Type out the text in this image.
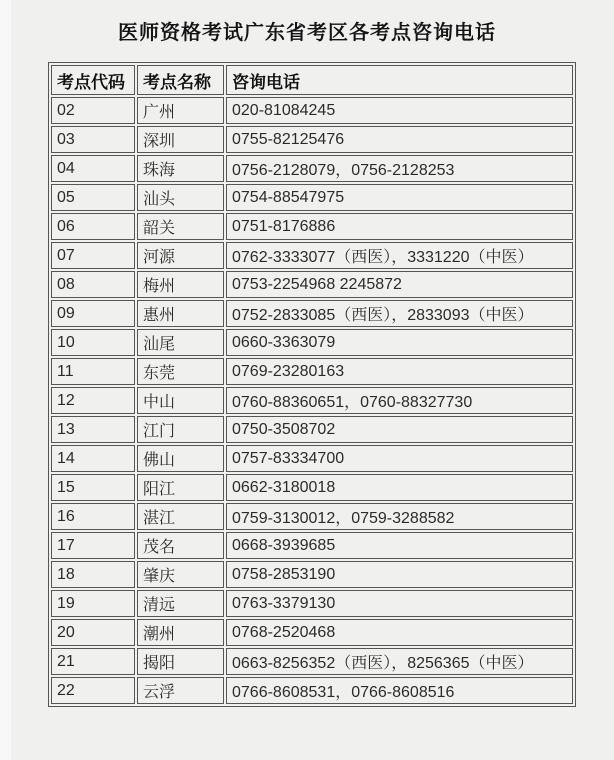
医师资格考试广东省考区各考点咨询电话
考点代码	考点名称	咨询电话
02	广州	020-81084245
03	深圳	0755-82125476
04	珠海	0756-2128079，0756-2128253
05	汕头	0754-88547975
06	韶关	0751-8176886
07	河源	0762-3333077（西医），3331220（中医）
08	梅州	0753-2254968 2245872
09	惠州	0752-2833085（西医），2833093（中医）
10	汕尾	0660-3363079
11	东莞	0769-23280163
12	中山	0760-88360651，0760-88327730
13	江门	0750-3508702
14	佛山	0757-83334700
15	阳江	0662-3180018
16	湛江	0759-3130012，0759-3288582
17	茂名	0668-3939685
18	肇庆	0758-2853190
19	清远	0763-3379130
20	潮州	0768-2520468
21	揭阳	0663-8256352（西医），8256365（中医）
22	云浮	0766-8608531，0766-8608516
